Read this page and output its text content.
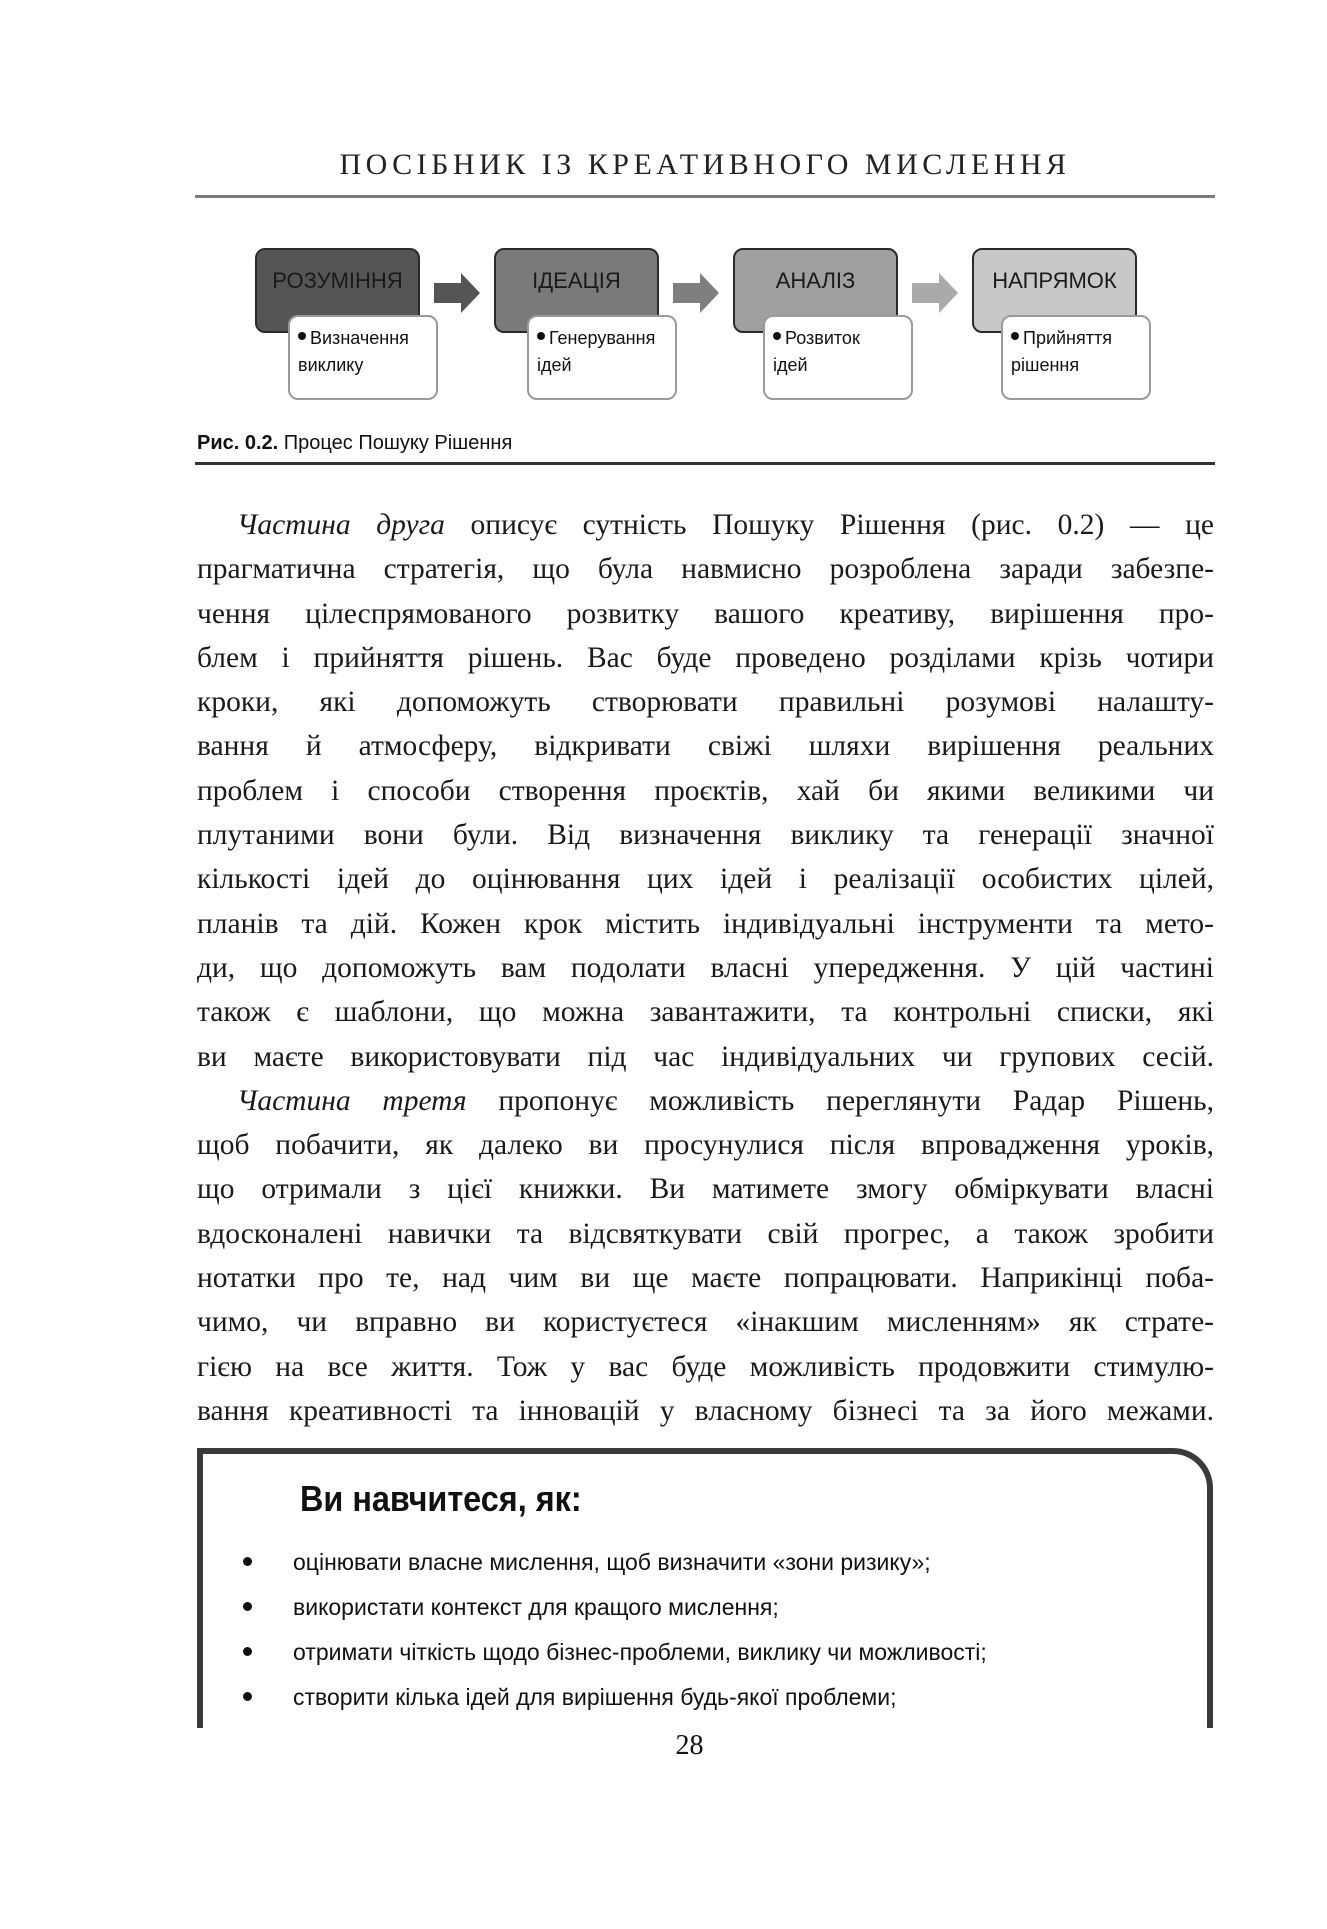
ПОСІБНИК ІЗ КРЕАТИВНОГО МИСЛЕННЯ
РОЗУМІННЯ
Визначення
виклику
ІДЕАЦІЯ
Генерування
ідей
АНАЛІЗ
Розвиток
ідей
НАПРЯМОК
Прийняття
рішення
Рис. 0.2. Процес Пошуку Рішення
Частина друга описує сутність Пошуку Рішення (рис. 0.2) — це
прагматична стратегія, що була навмисно розроблена заради забезпе-
чення цілеспрямованого розвитку вашого креативу, вирішення про-
блем і прийняття рішень. Вас буде проведено розділами крізь чотири
кроки, які допоможуть створювати правильні розумові налашту-
вання й атмосферу, відкривати свіжі шляхи вирішення реальних
проблем і способи створення проєктів, хай би якими великими чи
плутаними вони були. Від визначення виклику та генерації значної
кількості ідей до оцінювання цих ідей і реалізації особистих цілей,
планів та дій. Кожен крок містить індивідуальні інструменти та мето-
ди, що допоможуть вам подолати власні упередження. У цій частині
також є шаблони, що можна завантажити, та контрольні списки, які
ви маєте використовувати під час індивідуальних чи групових сесій.
Частина третя пропонує можливість переглянути Радар Рішень,
щоб побачити, як далеко ви просунулися після впровадження уроків,
що отримали з цієї книжки. Ви матимете змогу обміркувати власні
вдосконалені навички та відсвяткувати свій прогрес, а також зробити
нотатки про те, над чим ви ще маєте попрацювати. Наприкінці поба-
чимо, чи вправно ви користуєтеся «інакшим мисленням» як страте-
гією на все життя. Тож у вас буде можливість продовжити стимулю-
вання креативності та інновацій у власному бізнесі та за його межами.
Ви навчитеся, як:
оцінювати власне мислення, щоб визначити «зони ризику»;
використати контекст для кращого мислення;
отримати чіткість щодо бізнес-проблеми, виклику чи можливості;
створити кілька ідей для вирішення будь-якої проблеми;
28
